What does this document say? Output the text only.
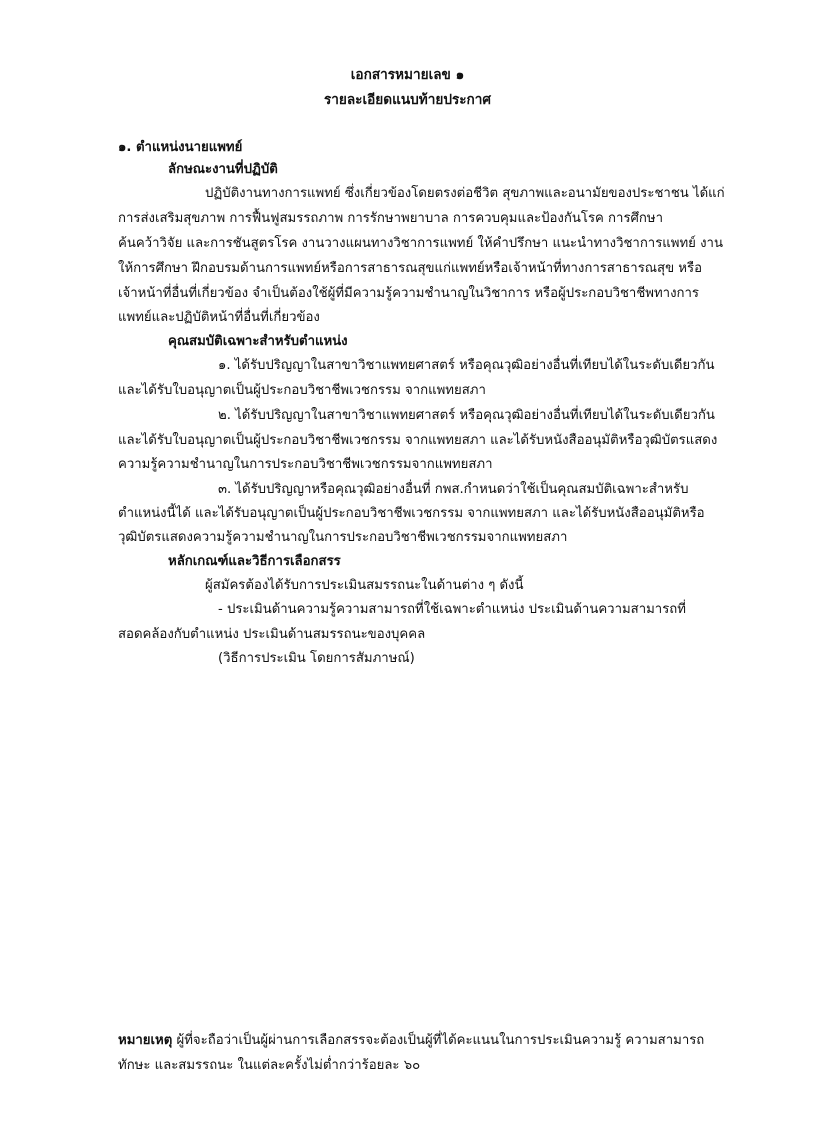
เอกสารหมายเลข ๑
รายละเอียดแนบท้ายประกาศ
๑. ตำแหน่งนายแพทย์
ลักษณะงานที่ปฏิบัติ
ปฏิบัติงานทางการแพทย์ ซึ่งเกี่ยวข้องโดยตรงต่อชีวิต สุขภาพและอนามัยของประชาชน ได้แก่
การส่งเสริมสุขภาพ การฟื้นฟูสมรรถภาพ การรักษาพยาบาล การควบคุมและป้องกันโรค การศึกษา
ค้นคว้าวิจัย และการชันสูตรโรค งานวางแผนทางวิชาการแพทย์ ให้คำปรึกษา แนะนำทางวิชาการแพทย์ งาน
ให้การศึกษา ฝึกอบรมด้านการแพทย์หรือการสาธารณสุขแก่แพทย์หรือเจ้าหน้าที่ทางการสาธารณสุข หรือ
เจ้าหน้าที่อื่นที่เกี่ยวข้อง จำเป็นต้องใช้ผู้ที่มีความรู้ความชำนาญในวิชาการ หรือผู้ประกอบวิชาชีพทางการ
แพทย์และปฏิบัติหน้าที่อื่นที่เกี่ยวข้อง
คุณสมบัติเฉพาะสำหรับตำแหน่ง
๑. ได้รับปริญญาในสาขาวิชาแพทยศาสตร์ หรือคุณวุฒิอย่างอื่นที่เทียบได้ในระดับเดียวกัน
และได้รับใบอนุญาตเป็นผู้ประกอบวิชาชีพเวชกรรม จากแพทยสภา
๒. ได้รับปริญญาในสาขาวิชาแพทยศาสตร์ หรือคุณวุฒิอย่างอื่นที่เทียบได้ในระดับเดียวกัน
และได้รับใบอนุญาตเป็นผู้ประกอบวิชาชีพเวชกรรม จากแพทยสภา และได้รับหนังสืออนุมัติหรือวุฒิบัตรแสดง
ความรู้ความชำนาญในการประกอบวิชาชีพเวชกรรมจากแพทยสภา
๓. ได้รับปริญญาหรือคุณวุฒิอย่างอื่นที่ กพส.กำหนดว่าใช้เป็นคุณสมบัติเฉพาะสำหรับ
ตำแหน่งนี้ได้ และได้รับอนุญาตเป็นผู้ประกอบวิชาชีพเวชกรรม จากแพทยสภา และได้รับหนังสืออนุมัติหรือ
วุฒิบัตรแสดงความรู้ความชำนาญในการประกอบวิชาชีพเวชกรรมจากแพทยสภา
หลักเกณฑ์และวิธีการเลือกสรร
ผู้สมัครต้องได้รับการประเมินสมรรถนะในด้านต่าง ๆ ดังนี้
- ประเมินด้านความรู้ความสามารถที่ใช้เฉพาะตำแหน่ง ประเมินด้านความสามารถที่
สอดคล้องกับตำแหน่ง ประเมินด้านสมรรถนะของบุคคล
(วิธีการประเมิน โดยการสัมภาษณ์)
หมายเหตุ ผู้ที่จะถือว่าเป็นผู้ผ่านการเลือกสรรจะต้องเป็นผู้ที่ได้คะแนนในการประเมินความรู้ ความสามารถ
ทักษะ และสมรรถนะ ในแต่ละครั้งไม่ต่ำกว่าร้อยละ ๖๐
